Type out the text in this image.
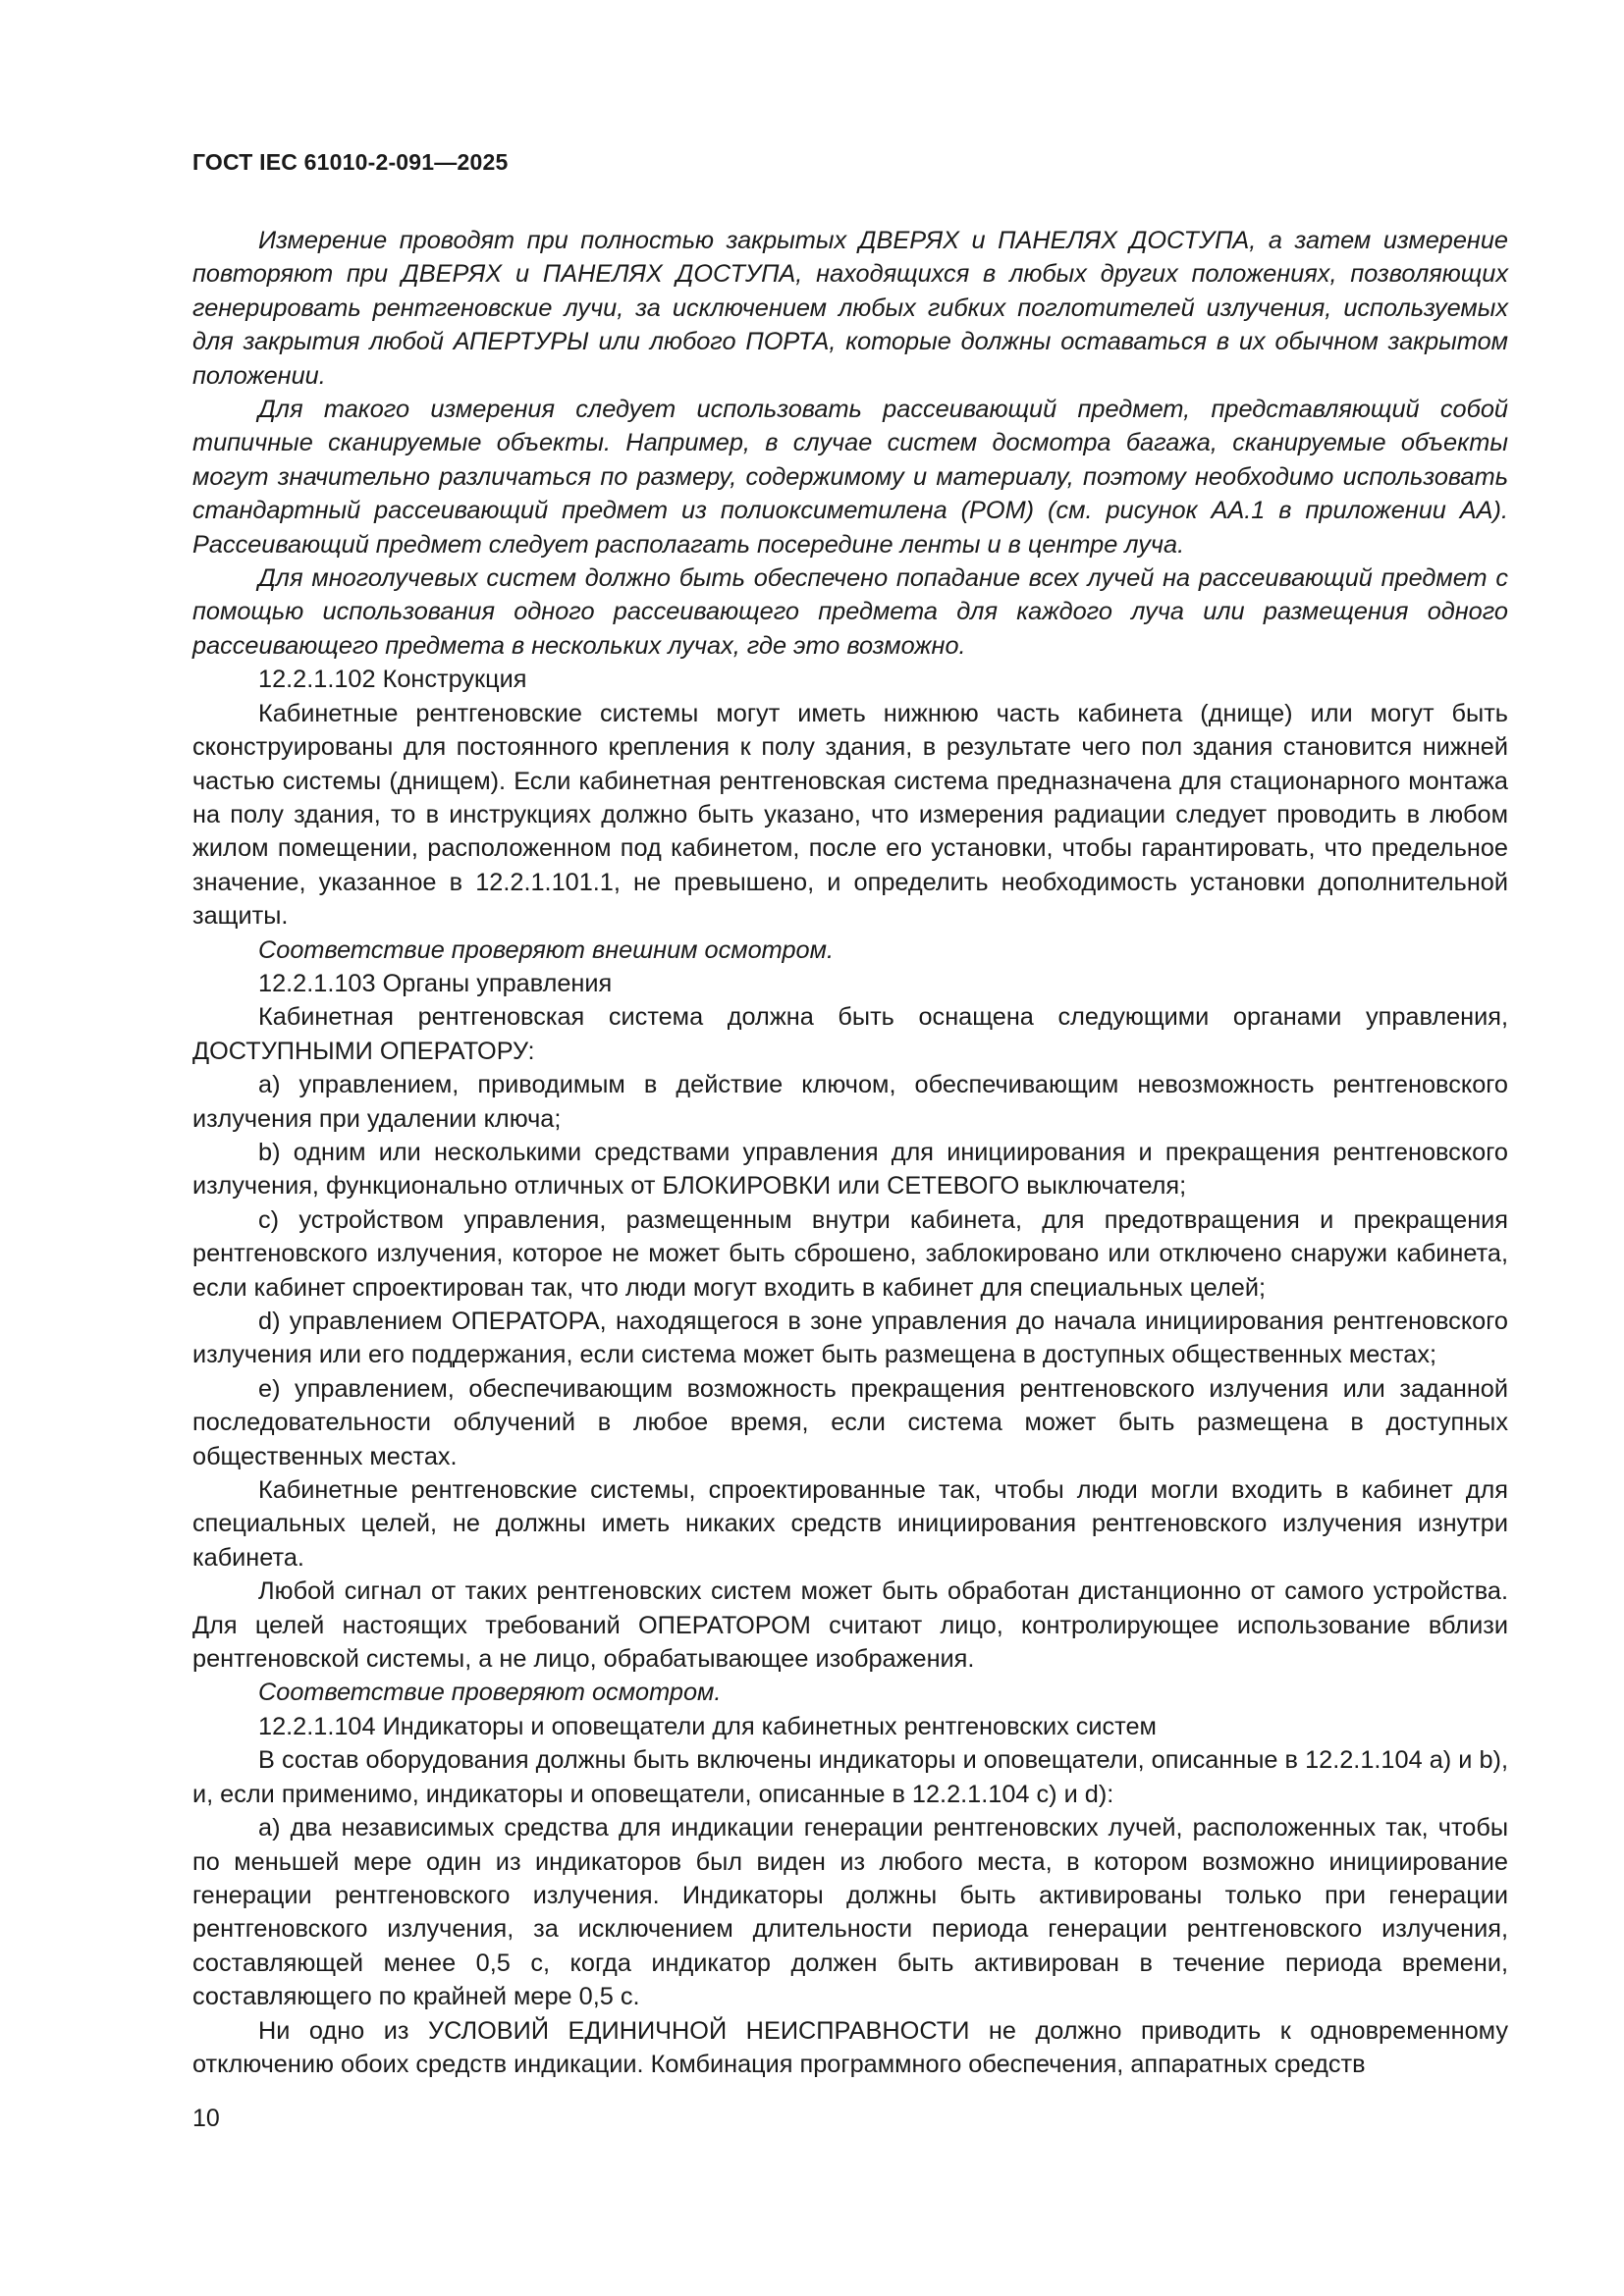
ГОСТ IEC 61010-2-091—2025

Измерение проводят при полностью закрытых ДВЕРЯХ и ПАНЕЛЯХ ДОСТУПА, а затем измерение повторяют при ДВЕРЯХ и ПАНЕЛЯХ ДОСТУПА, находящихся в любых других положениях, позволяющих генерировать рентгеновские лучи, за исключением любых гибких поглотителей излучения, используемых для закрытия любой АПЕРТУРЫ или любого ПОРТА, которые должны оставаться в их обычном закрытом положении.

Для такого измерения следует использовать рассеивающий предмет, представляющий собой типичные сканируемые объекты. Например, в случае систем досмотра багажа, сканируемые объекты могут значительно различаться по размеру, содержимому и материалу, поэтому необходимо использовать стандартный рассеивающий предмет из полиоксиметилена (РОМ) (см. рисунок АА.1 в приложении АА). Рассеивающий предмет следует располагать посередине ленты и в центре луча.

Для многолучевых систем должно быть обеспечено попадание всех лучей на рассеивающий предмет с помощью использования одного рассеивающего предмета для каждого луча или размещения одного рассеивающего предмета в нескольких лучах, где это возможно.

12.2.1.102 Конструкция

Кабинетные рентгеновские системы могут иметь нижнюю часть кабинета (днище) или могут быть сконструированы для постоянного крепления к полу здания, в результате чего пол здания становится нижней частью системы (днищем). Если кабинетная рентгеновская система предназначена для стационарного монтажа на полу здания, то в инструкциях должно быть указано, что измерения радиации следует проводить в любом жилом помещении, расположенном под кабинетом, после его установки, чтобы гарантировать, что предельное значение, указанное в 12.2.1.101.1, не превышено, и определить необходимость установки дополнительной защиты.

Соответствие проверяют внешним осмотром.

12.2.1.103 Органы управления

Кабинетная рентгеновская система должна быть оснащена следующими органами управления, ДОСТУПНЫМИ ОПЕРАТОРУ:

a) управлением, приводимым в действие ключом, обеспечивающим невозможность рентгеновского излучения при удалении ключа;

b) одним или несколькими средствами управления для инициирования и прекращения рентгеновского излучения, функционально отличных от БЛОКИРОВКИ или СЕТЕВОГО выключателя;

c) устройством управления, размещенным внутри кабинета, для предотвращения и прекращения рентгеновского излучения, которое не может быть сброшено, заблокировано или отключено снаружи кабинета, если кабинет спроектирован так, что люди могут входить в кабинет для специальных целей;

d) управлением ОПЕРАТОРА, находящегося в зоне управления до начала инициирования рентгеновского излучения или его поддержания, если система может быть размещена в доступных общественных местах;

e) управлением, обеспечивающим возможность прекращения рентгеновского излучения или заданной последовательности облучений в любое время, если система может быть размещена в доступных общественных местах.

Кабинетные рентгеновские системы, спроектированные так, чтобы люди могли входить в кабинет для специальных целей, не должны иметь никаких средств инициирования рентгеновского излучения изнутри кабинета.

Любой сигнал от таких рентгеновских систем может быть обработан дистанционно от самого устройства. Для целей настоящих требований ОПЕРАТОРОМ считают лицо, контролирующее использование вблизи рентгеновской системы, а не лицо, обрабатывающее изображения.

Соответствие проверяют осмотром.

12.2.1.104 Индикаторы и оповещатели для кабинетных рентгеновских систем

В состав оборудования должны быть включены индикаторы и оповещатели, описанные в 12.2.1.104 a) и b), и, если применимо, индикаторы и оповещатели, описанные в 12.2.1.104 c) и d):

a) два независимых средства для индикации генерации рентгеновских лучей, расположенных так, чтобы по меньшей мере один из индикаторов был виден из любого места, в котором возможно инициирование генерации рентгеновского излучения. Индикаторы должны быть активированы только при генерации рентгеновского излучения, за исключением длительности периода генерации рентгеновского излучения, составляющей менее 0,5 с, когда индикатор должен быть активирован в течение периода времени, составляющего по крайней мере 0,5 с.

Ни одно из УСЛОВИЙ ЕДИНИЧНОЙ НЕИСПРАВНОСТИ не должно приводить к одновременному отключению обоих средств индикации. Комбинация программного обеспечения, аппаратных средств

10
